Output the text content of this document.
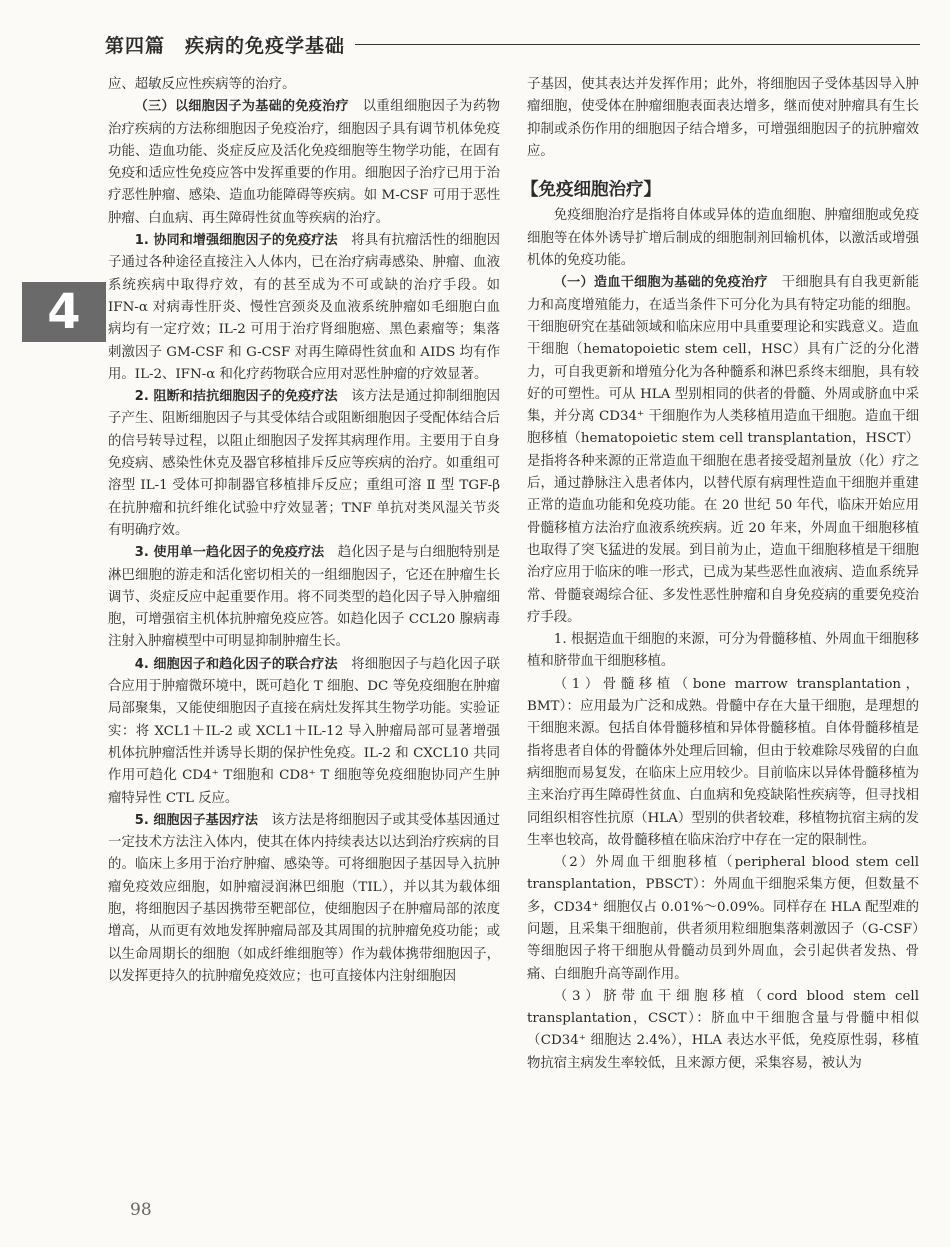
第四篇　疾病的免疫学基础
4

应、超敏反应性疾病等的治疗。

（三）以细胞因子为基础的免疫治疗　以重组细胞因子为药物治疗疾病的方法称细胞因子免疫治疗，细胞因子具有调节机体免疫功能、造血功能、炎症反应及活化免疫细胞等生物学功能，在固有免疫和适应性免疫应答中发挥重要的作用。细胞因子治疗已用于治疗恶性肿瘤、感染、造血功能障碍等疾病。如 M-CSF 可用于恶性肿瘤、白血病、再生障碍性贫血等疾病的治疗。

1. 协同和增强细胞因子的免疫疗法　将具有抗瘤活性的细胞因子通过各种途径直接注入人体内，已在治疗病毒感染、肿瘤、血液系统疾病中取得疗效，有的甚至成为不可或缺的治疗手段。如 IFN-α 对病毒性肝炎、慢性宫颈炎及血液系统肿瘤如毛细胞白血病均有一定疗效；IL-2 可用于治疗肾细胞癌、黑色素瘤等；集落刺激因子 GM-CSF 和 G-CSF 对再生障碍性贫血和 AIDS 均有作用。IL-2、IFN-α 和化疗药物联合应用对恶性肿瘤的疗效显著。

2. 阻断和拮抗细胞因子的免疫疗法　该方法是通过抑制细胞因子产生、阻断细胞因子与其受体结合或阻断细胞因子受配体结合后的信号转导过程，以阻止细胞因子发挥其病理作用。主要用于自身免疫病、感染性休克及器官移植排斥反应等疾病的治疗。如重组可溶型 IL-1 受体可抑制器官移植排斥反应；重组可溶 Ⅱ 型 TGF-β 在抗肿瘤和抗纤维化试验中疗效显著；TNF 单抗对类风湿关节炎有明确疗效。

3. 使用单一趋化因子的免疫疗法　趋化因子是与白细胞特别是淋巴细胞的游走和活化密切相关的一组细胞因子，它还在肿瘤生长调节、炎症反应中起重要作用。将不同类型的趋化因子导入肿瘤细胞，可增强宿主机体抗肿瘤免疫应答。如趋化因子 CCL20 腺病毒注射入肿瘤模型中可明显抑制肿瘤生长。

4. 细胞因子和趋化因子的联合疗法　将细胞因子与趋化因子联合应用于肿瘤微环境中，既可趋化 T 细胞、DC 等免疫细胞在肿瘤局部聚集，又能使细胞因子直接在病灶发挥其生物学功能。实验证实：将 XCL1＋IL-2 或 XCL1＋IL-12 导入肿瘤局部可显著增强机体抗肿瘤活性并诱导长期的保护性免疫。IL-2 和 CXCL10 共同作用可趋化 CD4⁺ T细胞和 CD8⁺ T 细胞等免疫细胞协同产生肿瘤特异性 CTL 反应。

5. 细胞因子基因疗法　该方法是将细胞因子或其受体基因通过一定技术方法注入体内，使其在体内持续表达以达到治疗疾病的目的。临床上多用于治疗肿瘤、感染等。可将细胞因子基因导入抗肿瘤免疫效应细胞，如肿瘤浸润淋巴细胞（TIL），并以其为载体细胞，将细胞因子基因携带至靶部位，使细胞因子在肿瘤局部的浓度增高，从而更有效地发挥肿瘤局部及其周围的抗肿瘤免疫功能；或以生命周期长的细胞（如成纤维细胞等）作为载体携带细胞因子，以发挥更持久的抗肿瘤免疫效应；也可直接体内注射细胞因

子基因，使其表达并发挥作用；此外，将细胞因子受体基因导入肿瘤细胞，使受体在肿瘤细胞表面表达增多，继而使对肿瘤具有生长抑制或杀伤作用的细胞因子结合增多，可增强细胞因子的抗肿瘤效应。

【免疫细胞治疗】

免疫细胞治疗是指将自体或异体的造血细胞、肿瘤细胞或免疫细胞等在体外诱导扩增后制成的细胞制剂回输机体，以激活或增强机体的免疫功能。

（一）造血干细胞为基础的免疫治疗　干细胞具有自我更新能力和高度增殖能力，在适当条件下可分化为具有特定功能的细胞。干细胞研究在基础领域和临床应用中具重要理论和实践意义。造血干细胞（hematopoietic stem cell，HSC）具有广泛的分化潜力，可自我更新和增殖分化为各种髓系和淋巴系终末细胞，具有较好的可塑性。可从 HLA 型别相同的供者的骨髓、外周或脐血中采集，并分离 CD34⁺ 干细胞作为人类移植用造血干细胞。造血干细胞移植（hematopoietic stem cell transplantation，HSCT）是指将各种来源的正常造血干细胞在患者接受超剂量放（化）疗之后，通过静脉注入患者体内，以替代原有病理性造血干细胞并重建正常的造血功能和免疫功能。在 20 世纪 50 年代，临床开始应用骨髓移植方法治疗血液系统疾病。近 20 年来，外周血干细胞移植也取得了突飞猛进的发展。到目前为止，造血干细胞移植是干细胞治疗应用于临床的唯一形式，已成为某些恶性血液病、造血系统异常、骨髓衰竭综合征、多发性恶性肿瘤和自身免疫病的重要免疫治疗手段。

1. 根据造血干细胞的来源，可分为骨髓移植、外周血干细胞移植和脐带血干细胞移植。

（1）骨髓移植（bone marrow transplantation，BMT）：应用最为广泛和成熟。骨髓中存在大量干细胞，是理想的干细胞来源。包括自体骨髓移植和异体骨髓移植。自体骨髓移植是指将患者自体的骨髓体外处理后回输，但由于较难除尽残留的白血病细胞而易复发，在临床上应用较少。目前临床以异体骨髓移植为主来治疗再生障碍性贫血、白血病和免疫缺陷性疾病等，但寻找相同组织相容性抗原（HLA）型别的供者较难，移植物抗宿主病的发生率也较高，故骨髓移植在临床治疗中存在一定的限制性。

（2）外周血干细胞移植（peripheral blood stem cell transplantation，PBSCT）：外周血干细胞采集方便，但数量不多，CD34⁺ 细胞仅占 0.01%～0.09%。同样存在 HLA 配型难的问题，且采集干细胞前，供者须用粒细胞集落刺激因子（G-CSF）等细胞因子将干细胞从骨髓动员到外周血，会引起供者发热、骨痛、白细胞升高等副作用。

（3）脐带血干细胞移植（cord blood stem cell transplantation，CSCT）：脐血中干细胞含量与骨髓中相似（CD34⁺ 细胞达 2.4%），HLA 表达水平低，免疫原性弱，移植物抗宿主病发生率较低，且来源方便，采集容易，被认为

98
